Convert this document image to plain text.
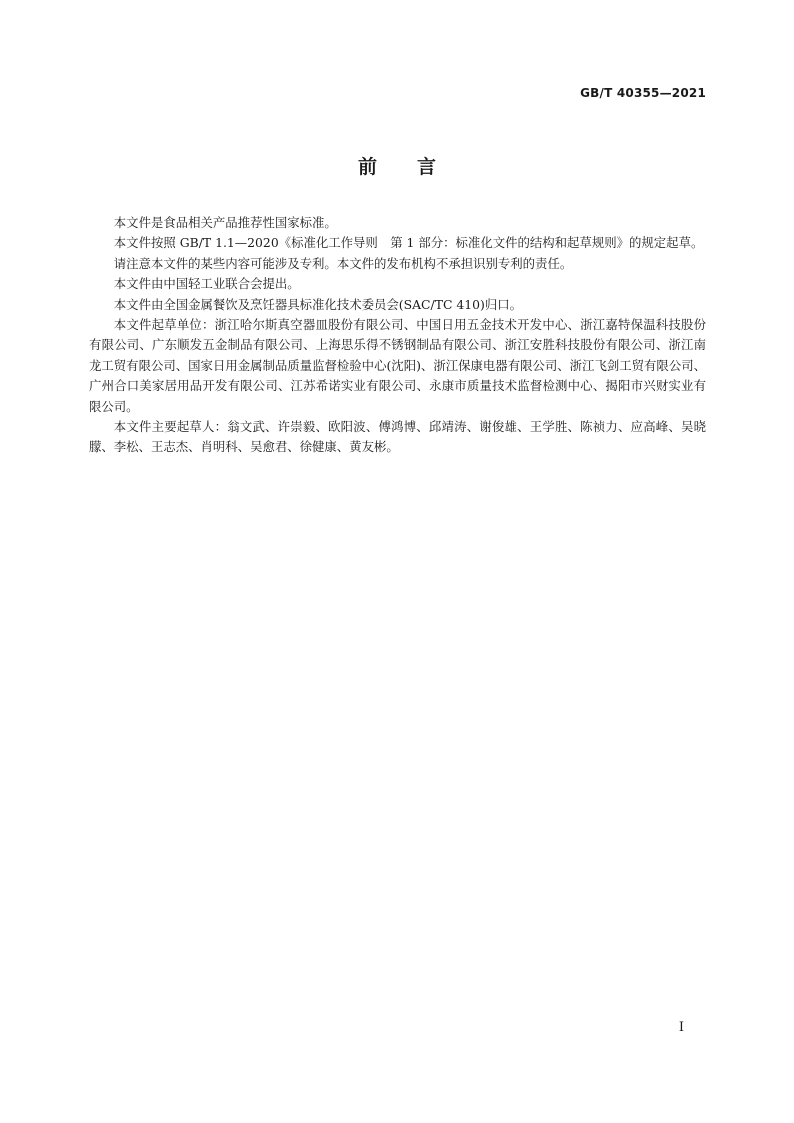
GB/T 40355—2021
前言

本文件是食品相关产品推荐性国家标准。

本文件按照 GB/T 1.1—2020《标准化工作导则　第 1 部分：标准化文件的结构和起草规则》的规定起草。

请注意本文件的某些内容可能涉及专利。本文件的发布机构不承担识别专利的责任。

本文件由中国轻工业联合会提出。

本文件由全国金属餐饮及烹饪器具标准化技术委员会(SAC/TC 410)归口。

本文件起草单位：浙江哈尔斯真空器皿股份有限公司、中国日用五金技术开发中心、浙江嘉特保温科技股份有限公司、广东顺发五金制品有限公司、上海思乐得不锈钢制品有限公司、浙江安胜科技股份有限公司、浙江南龙工贸有限公司、国家日用金属制品质量监督检验中心(沈阳)、浙江保康电器有限公司、浙江飞剑工贸有限公司、广州合口美家居用品开发有限公司、江苏希诺实业有限公司、永康市质量技术监督检测中心、揭阳市兴财实业有限公司。

本文件主要起草人：翁文武、许崇毅、欧阳波、傅鸿博、邱靖涛、谢俊雄、王学胜、陈祯力、应高峰、吴晓朦、李松、王志杰、肖明科、吴愈君、徐健康、黄友彬。

I
